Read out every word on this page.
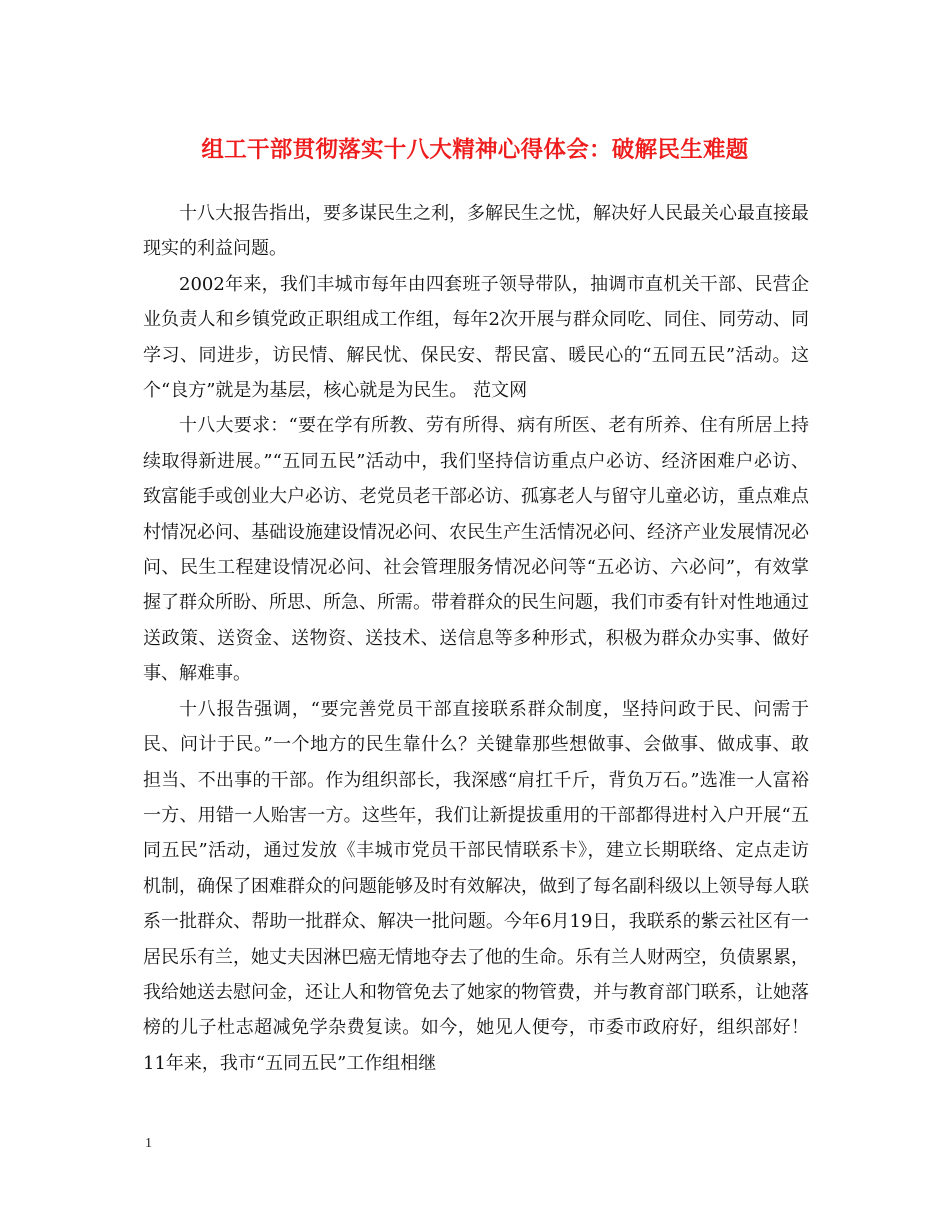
组工干部贯彻落实十八大精神心得体会：破解民生难题

十八大报告指出，要多谋民生之利，多解民生之忧，解决好人民最关心最直接最现实的利益问题。

2002年来，我们丰城市每年由四套班子领导带队，抽调市直机关干部、民营企业负责人和乡镇党政正职组成工作组，每年2次开展与群众同吃、同住、同劳动、同学习、同进步，访民情、解民忧、保民安、帮民富、暖民心的“五同五民”活动。这个“良方”就是为基层，核心就是为民生。 范文网

十八大要求：“要在学有所教、劳有所得、病有所医、老有所养、住有所居上持续取得新进展。”“五同五民”活动中，我们坚持信访重点户必访、经济困难户必访、致富能手或创业大户必访、老党员老干部必访、孤寡老人与留守儿童必访，重点难点村情况必问、基础设施建设情况必问、农民生产生活情况必问、经济产业发展情况必问、民生工程建设情况必问、社会管理服务情况必问等“五必访、六必问”，有效掌握了群众所盼、所思、所急、所需。带着群众的民生问题，我们市委有针对性地通过送政策、送资金、送物资、送技术、送信息等多种形式，积极为群众办实事、做好事、解难事。

十八报告强调，“要完善党员干部直接联系群众制度，坚持问政于民、问需于民、问计于民。”一个地方的民生靠什么？关键靠那些想做事、会做事、做成事、敢担当、不出事的干部。作为组织部长，我深感“肩扛千斤，背负万石。”选准一人富裕一方、用错一人贻害一方。这些年，我们让新提拔重用的干部都得进村入户开展“五同五民”活动，通过发放《丰城市党员干部民情联系卡》，建立长期联络、定点走访机制，确保了困难群众的问题能够及时有效解决，做到了每名副科级以上领导每人联系一批群众、帮助一批群众、解决一批问题。今年6月19日，我联系的紫云社区有一居民乐有兰，她丈夫因淋巴癌无情地夺去了他的生命。乐有兰人财两空，负债累累，我给她送去慰问金，还让人和物管免去了她家的物管费，并与教育部门联系，让她落榜的儿子杜志超减免学杂费复读。如今，她见人便夸，市委市政府好，组织部好！11年来，我市“五同五民”工作组相继

1
